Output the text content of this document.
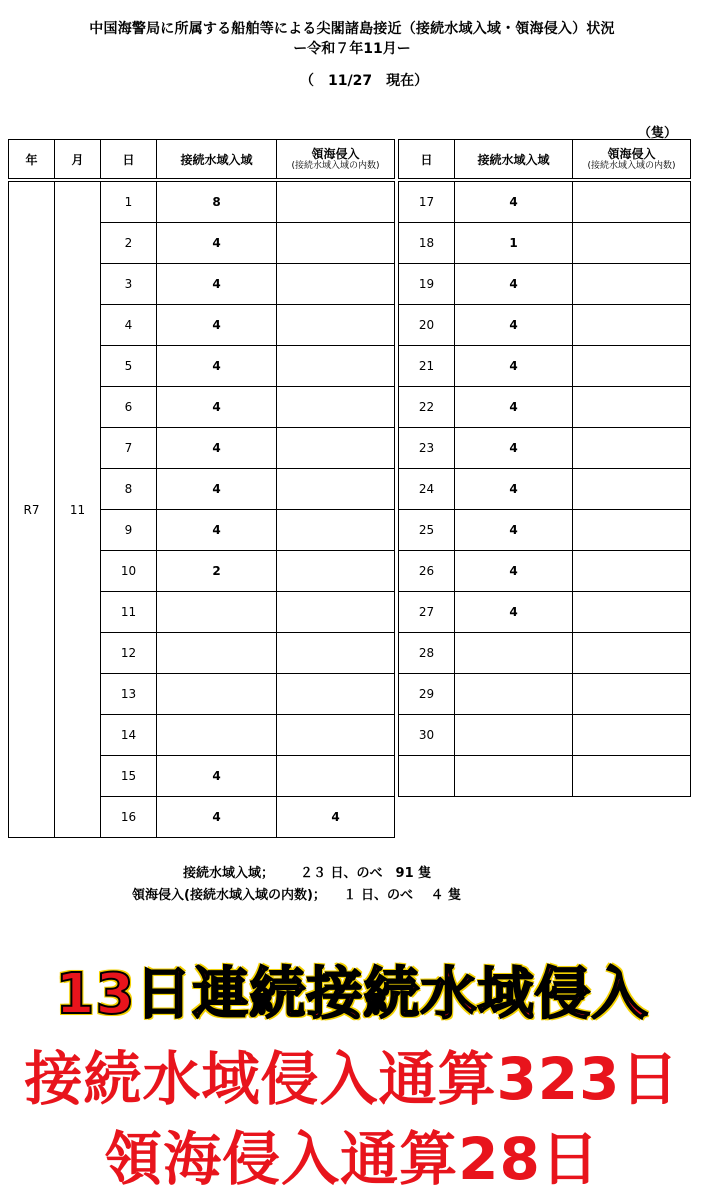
中国海警局に所属する船舶等による尖閣諸島接近（接続水域入域・領海侵入）状況
ー令和７年11月ー
（　11/27　現在）
（隻）
年	月	日	接続水域入域	領海侵入
(接続水域入域の内数)

R7	11	1	8	
		2	4	
		3	4	
		4	4	
		5	4	
		6	4	
		7	4	
		8	4	
		9	4	
		10	2	
		11		
		12		
		13		
		14		
		15	4	
		16	4	4
日	接続水域入域	領海侵入
(接続水域入域の内数)

17	4	
18	1	
19	4	
20	4	
21	4	
22	4	
23	4	
24	4	
25	4	
26	4	
27	4	
28		
29		
30		

接続水域入域；　　 ２３ 日、のべ　91 隻
領海侵入(接続水域入域の内数)；　 １ 日、のべ　 ４ 隻
13日連続接続水域侵入
接続水域侵入通算323日
領海侵入通算28日
